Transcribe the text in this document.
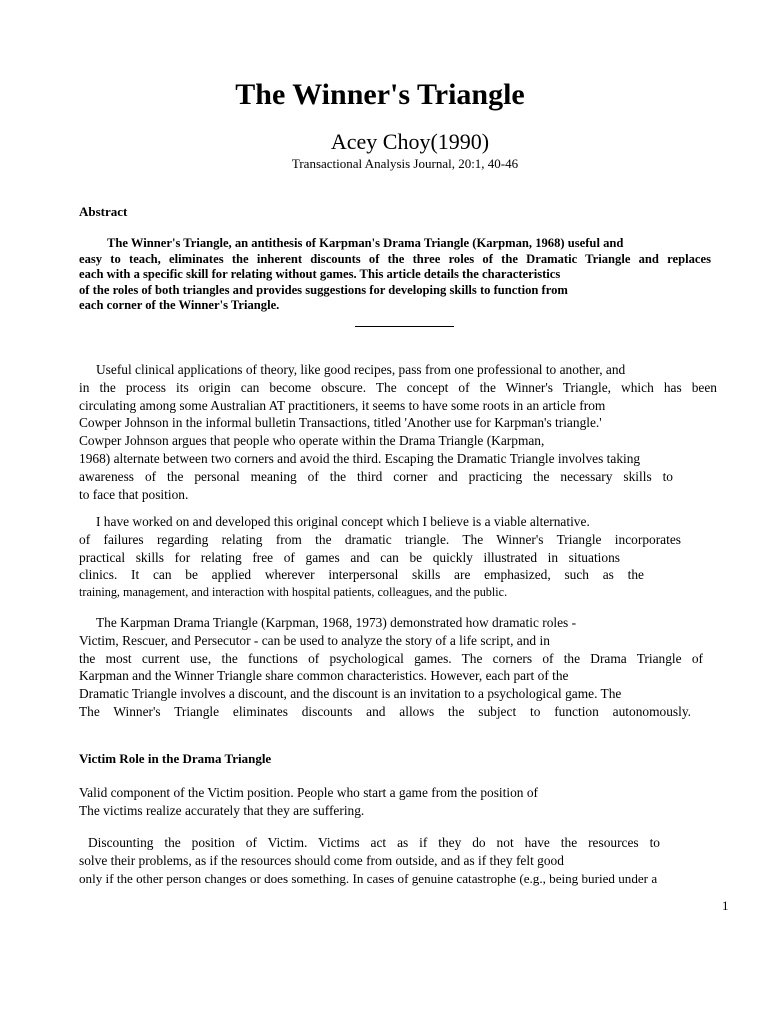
The Winner's Triangle
Acey Choy(1990)
Transactional Analysis Journal, 20:1, 40-46
Abstract
The Winner's Triangle, an antithesis of Karpman's Drama Triangle (Karpman, 1968) useful and
easy to teach, eliminates the inherent discounts of the three roles of the Dramatic Triangle and replaces
each with a specific skill for relating without games. This article details the characteristics
of the roles of both triangles and provides suggestions for developing skills to function from
each corner of the Winner's Triangle.
Useful clinical applications of theory, like good recipes, pass from one professional to another, and
in the process its origin can become obscure. The concept of the Winner's Triangle, which has been
circulating among some Australian AT practitioners, it seems to have some roots in an article from
Cowper Johnson in the informal bulletin Transactions, titled 'Another use for Karpman's triangle.'
Cowper Johnson argues that people who operate within the Drama Triangle (Karpman,
1968) alternate between two corners and avoid the third. Escaping the Dramatic Triangle involves taking
awareness of the personal meaning of the third corner and practicing the necessary skills to
to face that position.
I have worked on and developed this original concept which I believe is a viable alternative.
of failures regarding relating from the dramatic triangle. The Winner's Triangle incorporates
practical skills for relating free of games and can be quickly illustrated in situations
clinics. It can be applied wherever interpersonal skills are emphasized, such as the
training, management, and interaction with hospital patients, colleagues, and the public.
The Karpman Drama Triangle (Karpman, 1968, 1973) demonstrated how dramatic roles -
Victim, Rescuer, and Persecutor - can be used to analyze the story of a life script, and in
the most current use, the functions of psychological games. The corners of the Drama Triangle of
Karpman and the Winner Triangle share common characteristics. However, each part of the
Dramatic Triangle involves a discount, and the discount is an invitation to a psychological game. The
The Winner's Triangle eliminates discounts and allows the subject to function autonomously.
Victim Role in the Drama Triangle
Valid component of the Victim position. People who start a game from the position of
The victims realize accurately that they are suffering.
Discounting the position of Victim. Victims act as if they do not have the resources to
solve their problems, as if the resources should come from outside, and as if they felt good
only if the other person changes or does something. In cases of genuine catastrophe (e.g., being buried under a
1
